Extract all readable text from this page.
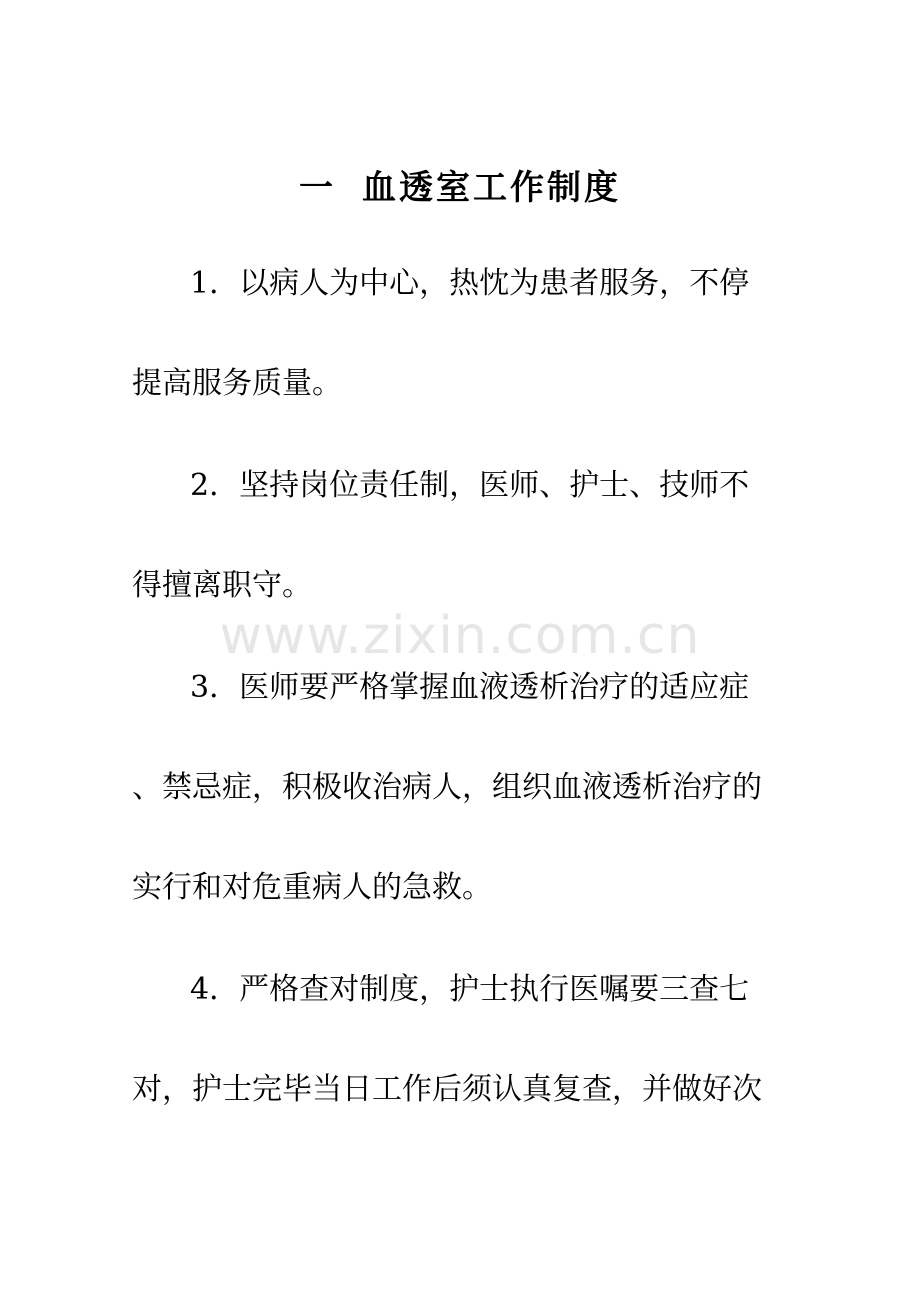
一 血透室工作制度
www.zixin.com.cn
1．以病人为中心，热忱为患者服务，不停
提高服务质量。
2．坚持岗位责任制，医师、护士、技师不
得擅离职守。
3．医师要严格掌握血液透析治疗的适应症
、禁忌症，积极收治病人，组织血液透析治疗的
实行和对危重病人的急救。
4．严格查对制度，护士执行医嘱要三查七
对，护士完毕当日工作后须认真复查，并做好次
